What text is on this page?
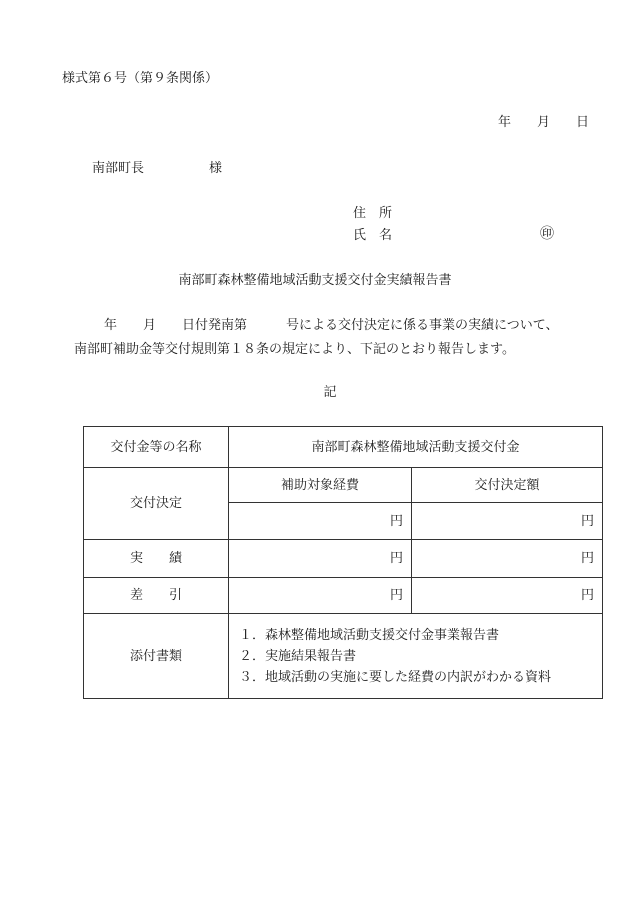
様式第６号（第９条関係）
年　　月　　日
南部町長　　　　　様
住　所
氏　名	㊞
南部町森林整備地域活動支援交付金実績報告書
年　　月　　日付発南第　　　号による交付決定に係る事業の実績について、
南部町補助金等交付規則第１８条の規定により、下記のとおり報告します。
記
交付金等の名称	南部町森林整備地域活動支援交付金	
交付決定	補助対象経費	交付決定額
	円	円
実　　績	円	円
差　　引	円	円
添付書類	１．森林整備地域活動支援交付金事業報告書
２．実施結果報告書
３．地域活動の実施に要した経費の内訳がわかる資料	
